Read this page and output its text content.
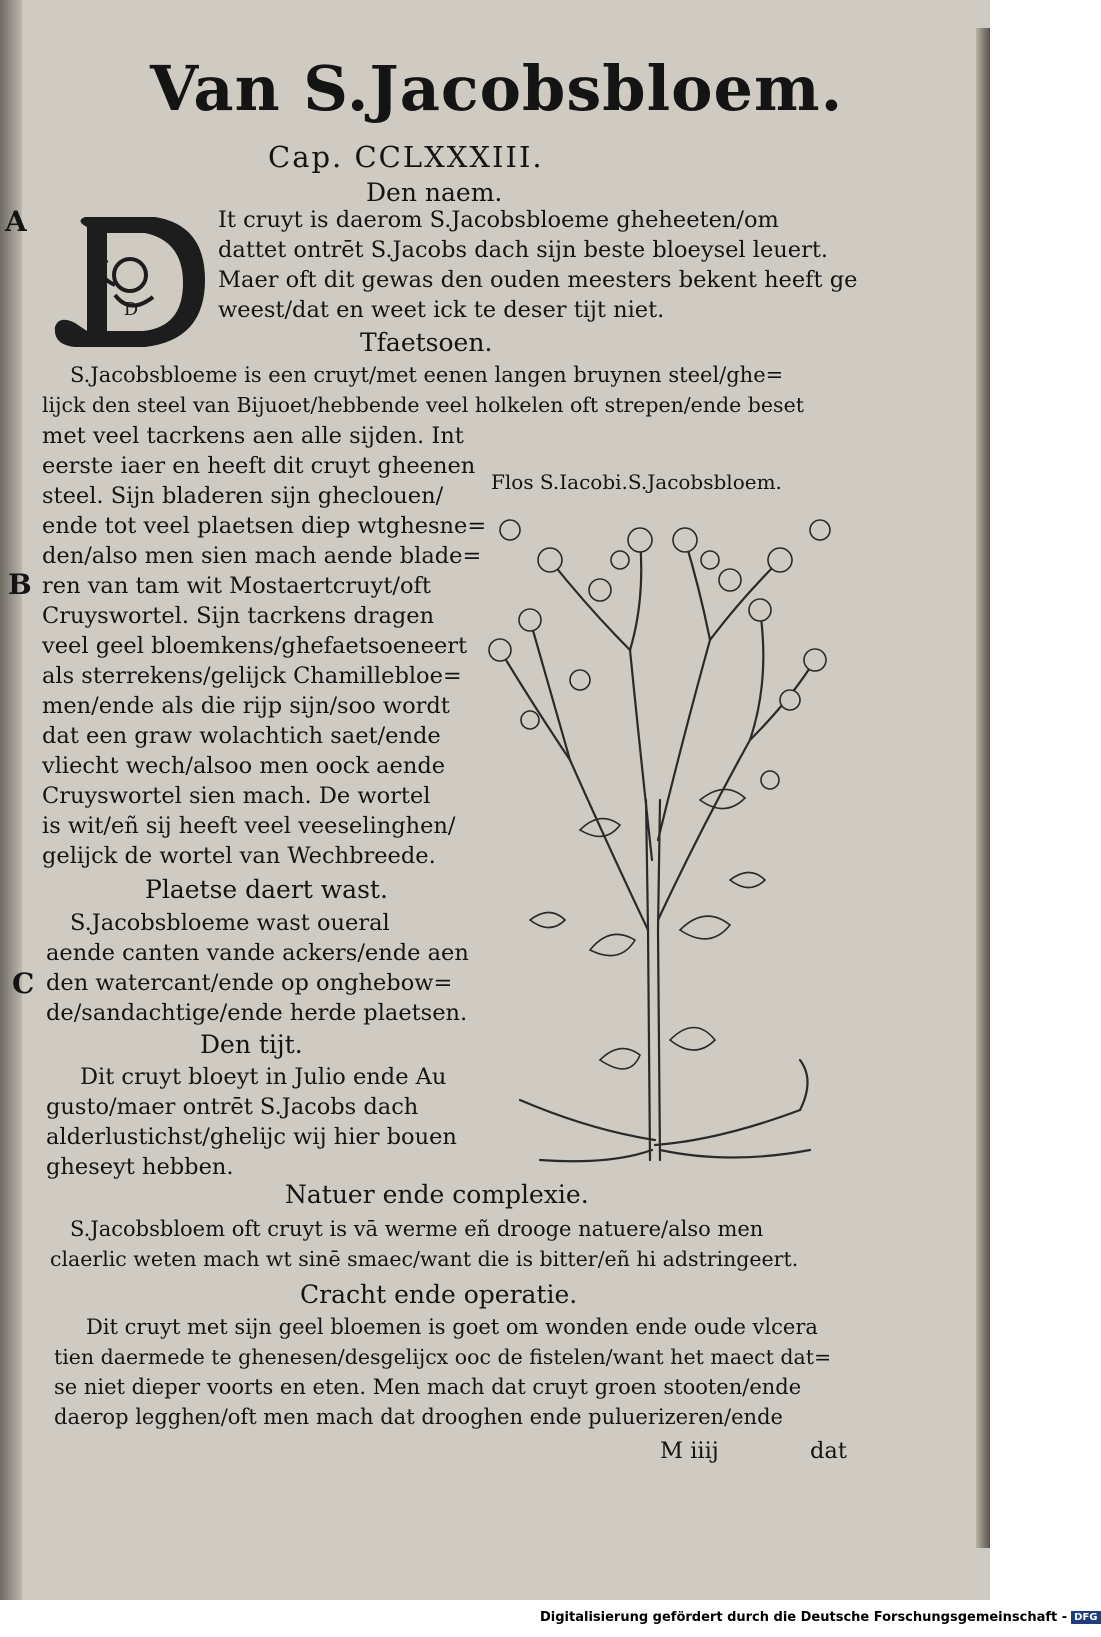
Van S.Jacobsbloem.
Cap. CCLXXXIII.
Den naem.
A
D
It cruyt is daerom S.Jacobsbloeme gheheeten/om
dattet ontrēt S.Jacobs dach sijn beste bloeysel leuert.
Maer oft dit gewas den ouden meesters bekent heeft ge
weest/dat en weet ick te deser tijt niet.
Tfaetsoen.
S.Jacobsbloeme is een cruyt/met eenen langen bruynen steel/ghe=
lijck den steel van Bijuoet/hebbende veel holkelen oft strepen/ende beset
met veel tacrkens aen alle sijden. Int
eerste iaer en heeft dit cruyt gheenen
steel. Sijn bladeren sijn gheclouen/
ende tot veel plaetsen diep wtghesne=
den/also men sien mach aende blade=
B ren van tam wit Mostaertcruyt/oft
Cruyswortel. Sijn tacrkens dragen
veel geel bloemkens/ghefaetsoeneert
als sterrekens/gelijck Chamillebloe=
men/ende als die rijp sijn/soo wordt
dat een graw wolachtich saet/ende
vliecht wech/alsoo men oock aende
Cruyswortel sien mach. De wortel
is wit/eñ sij heeft veel veeselinghen/
gelijck de wortel van Wechbreede.
Plaetse daert wast.
S.Jacobsbloeme wast oueral
aende canten vande ackers/ende aen
C den watercant/ende op onghebow=
de/sandachtige/ende herde plaetsen.
Den tijt.
Dit cruyt bloeyt in Julio ende Au
gusto/maer ontrēt S.Jacobs dach
alderlustichst/ghelijc wij hier bouen
gheseyt hebben.
Natuer ende complexie.
S.Jacobsbloem oft cruyt is vā werme eñ drooge natuere/also men
claerlic weten mach wt sinē smaec/want die is bitter/eñ hi adstringeert.
Cracht ende operatie.
Dit cruyt met sijn geel bloemen is goet om wonden ende oude vlcera
tien daermede te ghenesen/desgelijcx ooc de fistelen/want het maect dat=
se niet dieper voorts en eten. Men mach dat cruyt groen stooten/ende
daerop legghen/oft men mach dat drooghen ende puluerizeren/ende
M iiij	dat
Flos S.Iacobi.S.Jacobsbloem.
Digitalisierung gefördert durch die Deutsche Forschungsgemeinschaft - DFG
